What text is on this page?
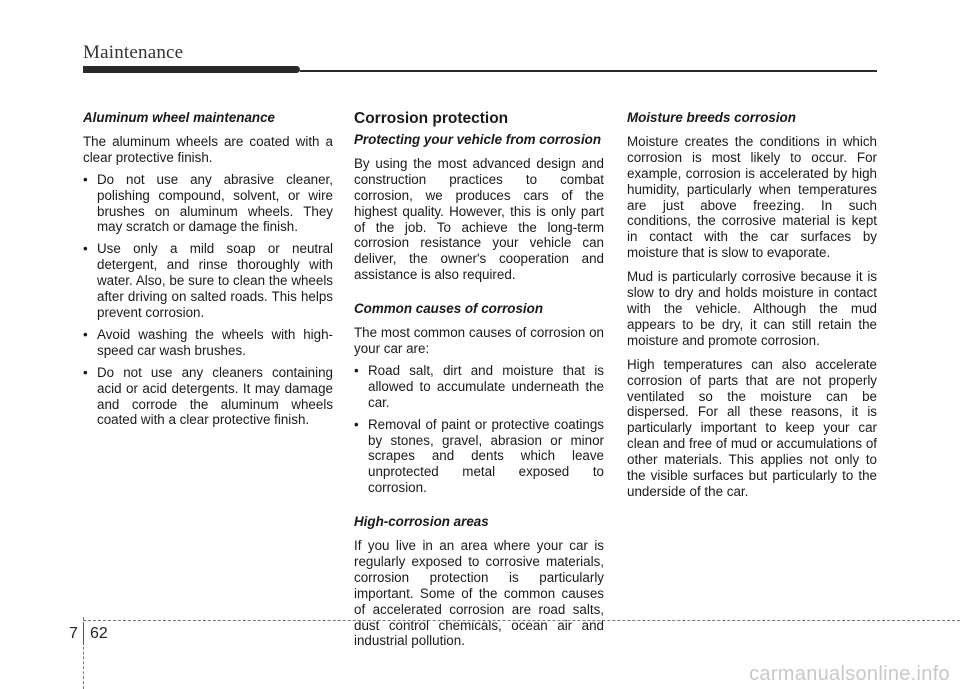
Maintenance
Aluminum wheel maintenance

The aluminum wheels are coated with a clear protective finish.

• Do not use any abrasive cleaner, polishing compound, solvent, or wire brushes on aluminum wheels. They may scratch or damage the finish.
• Use only a mild soap or neutral detergent, and rinse thoroughly with water. Also, be sure to clean the wheels after driving on salted roads. This helps prevent corrosion.
• Avoid washing the wheels with high-speed car wash brushes.
• Do not use any cleaners containing acid or acid detergents. It may damage and corrode the aluminum wheels coated with a clear protective finish.
Corrosion protection
Protecting your vehicle from corrosion

By using the most advanced design and construction practices to combat corrosion, we produces cars of the highest quality. However, this is only part of the job. To achieve the long-term corrosion resistance your vehicle can deliver, the owner's cooperation and assistance is also required.

Common causes of corrosion

The most common causes of corrosion on your car are:

• Road salt, dirt and moisture that is allowed to accumulate underneath the car.
• Removal of paint or protective coatings by stones, gravel, abrasion or minor scrapes and dents which leave unprotected metal exposed to corrosion.
High-corrosion areas

If you live in an area where your car is regularly exposed to corrosive materials, corrosion protection is particularly important. Some of the common causes of accelerated corrosion are road salts, dust control chemicals, ocean air and industrial pollution.

Moisture breeds corrosion

Moisture creates the conditions in which corrosion is most likely to occur. For example, corrosion is accelerated by high humidity, particularly when temperatures are just above freezing. In such conditions, the corrosive material is kept in contact with the car surfaces by moisture that is slow to evaporate.

Mud is particularly corrosive because it is slow to dry and holds moisture in contact with the vehicle. Although the mud appears to be dry, it can still retain the moisture and promote corrosion.

High temperatures can also accelerate corrosion of parts that are not properly ventilated so the moisture can be dispersed. For all these reasons, it is particularly important to keep your car clean and free of mud or accumulations of other materials. This applies not only to the visible surfaces but particularly to the underside of the car.

7 62
carmanualsonline.info
